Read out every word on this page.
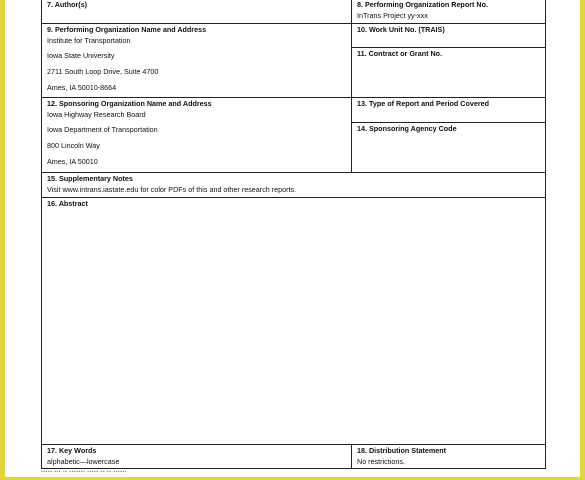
7. Author(s)	8. Performing Organization Report No.
InTrans Project yy-xxx
9. Performing Organization Name and Address
Institute for Transportation
Iowa State University
2711 South Loop Drive, Suite 4700
Ames, IA 50010-8664
10. Work Unit No. (TRAIS)
11. Contract or Grant No.
12. Sponsoring Organization Name and Address
Iowa Highway Research Board
Iowa Department of Transportation
800 Lincoln Way
Ames, IA 50010
13. Type of Report and Period Covered
14. Sponsoring Agency Code
15. Supplementary Notes
Visit www.intrans.iastate.edu for color PDFs of this and other research reports.
16. Abstract
17. Key Words
alphabetic—lowercase
18. Distribution Statement
No restrictions.
▪▪▪▪▪ ▪▪▪ ▪▪ ▪▪▪▪▪▪▪ ▪▪▪▪▪ ▪▪ ▪▪ ▪▪▪▪▪▪
